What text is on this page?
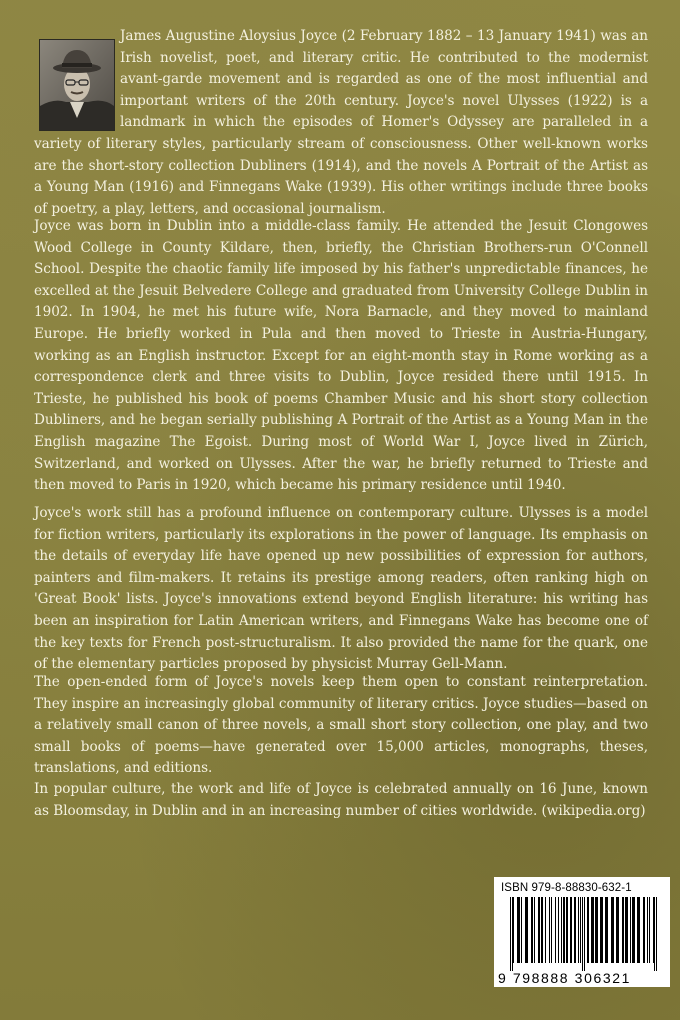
James Augustine Aloysius Joyce (2 February 1882 – 13 January 1941) was an Irish novelist, poet, and literary critic. He contributed to the modernist avant-garde movement and is regarded as one of the most influential and important writers of the 20th century. Joyce's novel Ulysses (1922) is a landmark in which the episodes of Homer's Odyssey are paralleled in a variety of literary styles, particularly stream of consciousness. Other well-known works are the short-story collection Dubliners (1914), and the novels A Portrait of the Artist as a Young Man (1916) and Finnegans Wake (1939). His other writings include three books of poetry, a play, letters, and occasional journalism.
Joyce was born in Dublin into a middle-class family. He attended the Jesuit Clongowes Wood College in County Kildare, then, briefly, the Christian Brothers-run O'Connell School. Despite the chaotic family life imposed by his father's unpredictable finances, he excelled at the Jesuit Belvedere College and graduated from University College Dublin in 1902. In 1904, he met his future wife, Nora Barnacle, and they moved to mainland Europe. He briefly worked in Pula and then moved to Trieste in Austria-Hungary, working as an English instructor. Except for an eight-month stay in Rome working as a correspondence clerk and three visits to Dublin, Joyce resided there until 1915. In Trieste, he published his book of poems Chamber Music and his short story collection Dubliners, and he began serially publishing A Portrait of the Artist as a Young Man in the English magazine The Egoist. During most of World War I, Joyce lived in Zürich, Switzerland, and worked on Ulysses. After the war, he briefly returned to Trieste and then moved to Paris in 1920, which became his primary residence until 1940.
Joyce's work still has a profound influence on contemporary culture. Ulysses is a model for fiction writers, particularly its explorations in the power of language. Its emphasis on the details of everyday life have opened up new possibilities of expression for authors, painters and film-makers. It retains its prestige among readers, often ranking high on 'Great Book' lists. Joyce's innovations extend beyond English literature: his writing has been an inspiration for Latin American writers, and Finnegans Wake has become one of the key texts for French post-structuralism. It also provided the name for the quark, one of the elementary particles proposed by physicist Murray Gell-Mann.
The open-ended form of Joyce's novels keep them open to constant reinterpretation. They inspire an increasingly global community of literary critics. Joyce studies—based on a relatively small canon of three novels, a small short story collection, one play, and two small books of poems—have generated over 15,000 articles, monographs, theses, translations, and editions.
In popular culture, the work and life of Joyce is celebrated annually on 16 June, known as Bloomsday, in Dublin and in an increasing number of cities worldwide. (wikipedia.org)
ISBN 979-8-88830-632-1
9 798888 306321
